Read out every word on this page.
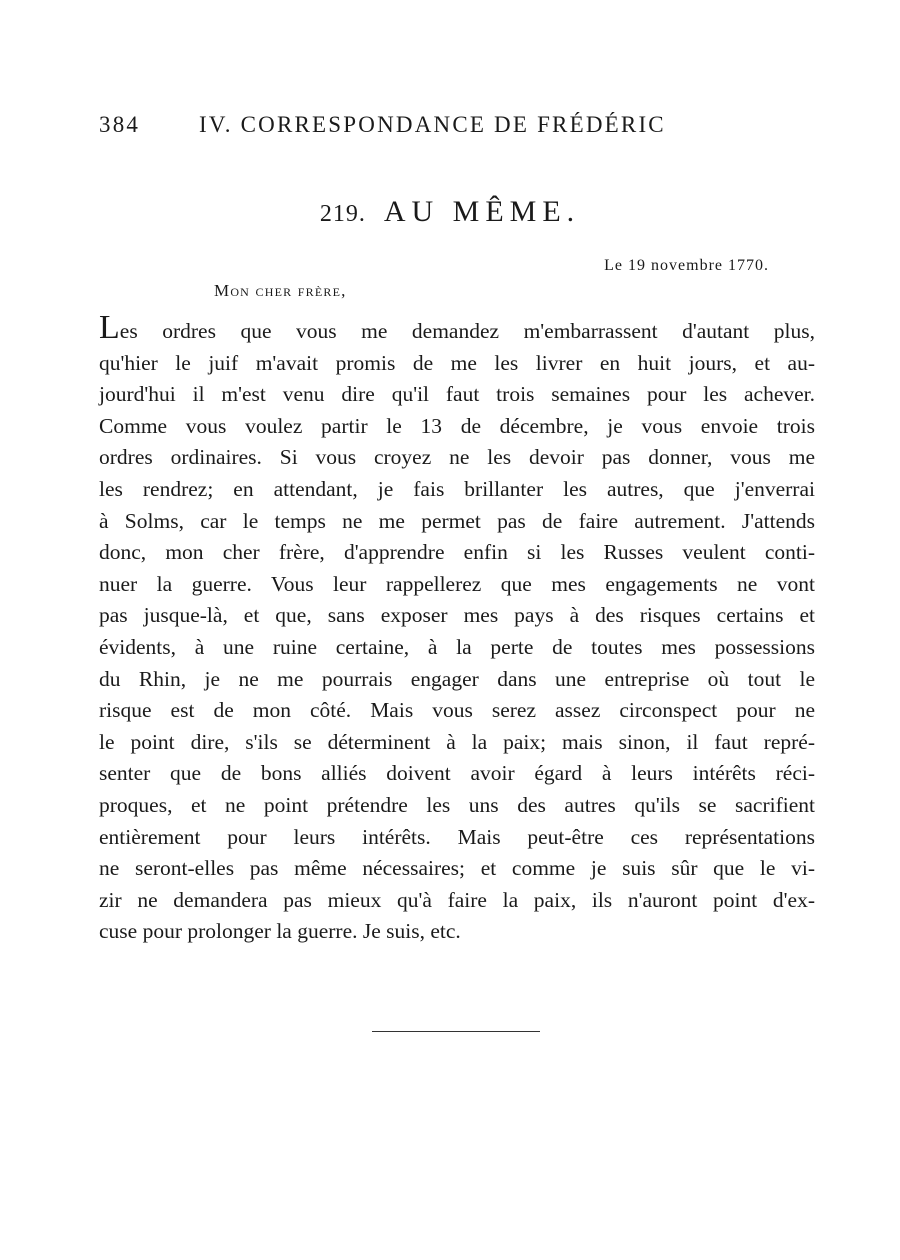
384	IV. CORRESPONDANCE DE FRÉDÉRIC
219. AU MÊME.
Le 19 novembre 1770.
Mon cher frère,
Les ordres que vous me demandez m'embarrassent d'autant plus,
qu'hier le juif m'avait promis de me les livrer en huit jours, et au-
jourd'hui il m'est venu dire qu'il faut trois semaines pour les achever.
Comme vous voulez partir le 13 de décembre, je vous envoie trois
ordres ordinaires. Si vous croyez ne les devoir pas donner, vous me
les rendrez; en attendant, je fais brillanter les autres, que j'enverrai
à Solms, car le temps ne me permet pas de faire autrement. J'attends
donc, mon cher frère, d'apprendre enfin si les Russes veulent conti-
nuer la guerre. Vous leur rappellerez que mes engagements ne vont
pas jusque-là, et que, sans exposer mes pays à des risques certains et
évidents, à une ruine certaine, à la perte de toutes mes possessions
du Rhin, je ne me pourrais engager dans une entreprise où tout le
risque est de mon côté. Mais vous serez assez circonspect pour ne
le point dire, s'ils se déterminent à la paix; mais sinon, il faut repré-
senter que de bons alliés doivent avoir égard à leurs intérêts réci-
proques, et ne point prétendre les uns des autres qu'ils se sacrifient
entièrement pour leurs intérêts. Mais peut-être ces représentations
ne seront-elles pas même nécessaires; et comme je suis sûr que le vi-
zir ne demandera pas mieux qu'à faire la paix, ils n'auront point d'ex-
cuse pour prolonger la guerre. Je suis, etc.
